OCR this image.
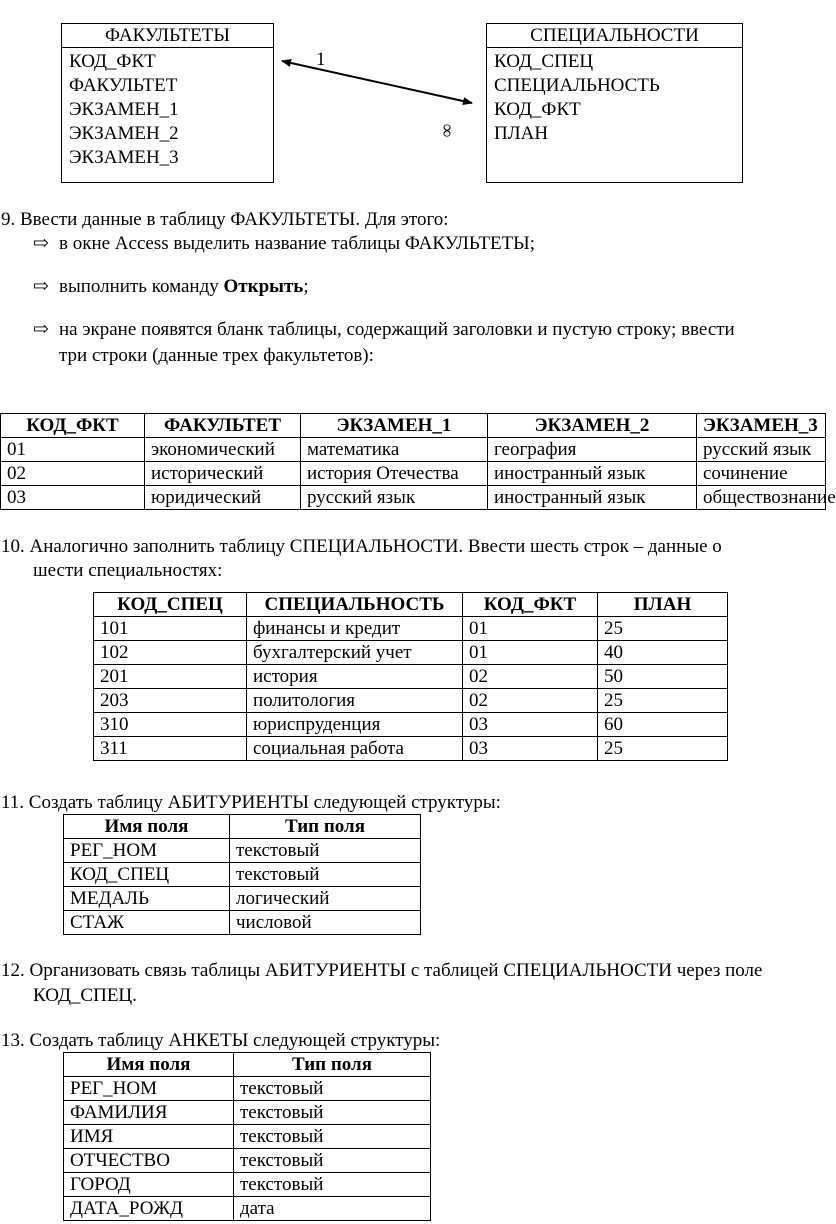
ФАКУЛЬТЕТЫ
КОД_ФКТ
ФАКУЛЬТЕТ
ЭКЗАМЕН_1
ЭКЗАМЕН_2
ЭКЗАМЕН_3
СПЕЦИАЛЬНОСТИ
КОД_СПЕЦ
СПЕЦИАЛЬНОСТЬ
КОД_ФКТ
ПЛАН
1
∞
9. Ввести данные в таблицу ФАКУЛЬТЕТЫ. Для этого:
⇨ в окне Access выделить название таблицы ФАКУЛЬТЕТЫ;
⇨ выполнить команду Открыть;
⇨ на экране появятся бланк таблицы, содержащий заголовки и пустую строку; ввести
три строки (данные трех факультетов):
КОД_ФКТ	ФАКУЛЬТЕТ	ЭКЗАМЕН_1	ЭКЗАМЕН_2	ЭКЗАМЕН_3
01	экономический	математика	география	русский язык
02	исторический	история Отечества	иностранный язык	сочинение
03	юридический	русский язык	иностранный язык	обществознание
10. Аналогично заполнить таблицу СПЕЦИАЛЬНОСТИ. Ввести шесть строк – данные о
шести специальностях:
КОД_СПЕЦ	СПЕЦИАЛЬНОСТЬ	КОД_ФКТ	ПЛАН
101	финансы и кредит	01	25
102	бухгалтерский учет	01	40
201	история	02	50
203	политология	02	25
310	юриспруденция	03	60
311	социальная работа	03	25
11. Создать таблицу АБИТУРИЕНТЫ следующей структуры:
Имя поля	Тип поля
РЕГ_НОМ	текстовый
КОД_СПЕЦ	текстовый
МЕДАЛЬ	логический
СТАЖ	числовой
12. Организовать связь таблицы АБИТУРИЕНТЫ с таблицей СПЕЦИАЛЬНОСТИ через поле
КОД_СПЕЦ.
13. Создать таблицу АНКЕТЫ следующей структуры:
Имя поля	Тип поля
РЕГ_НОМ	текстовый
ФАМИЛИЯ	текстовый
ИМЯ	текстовый
ОТЧЕСТВО	текстовый
ГОРОД	текстовый
ДАТА_РОЖД	дата
